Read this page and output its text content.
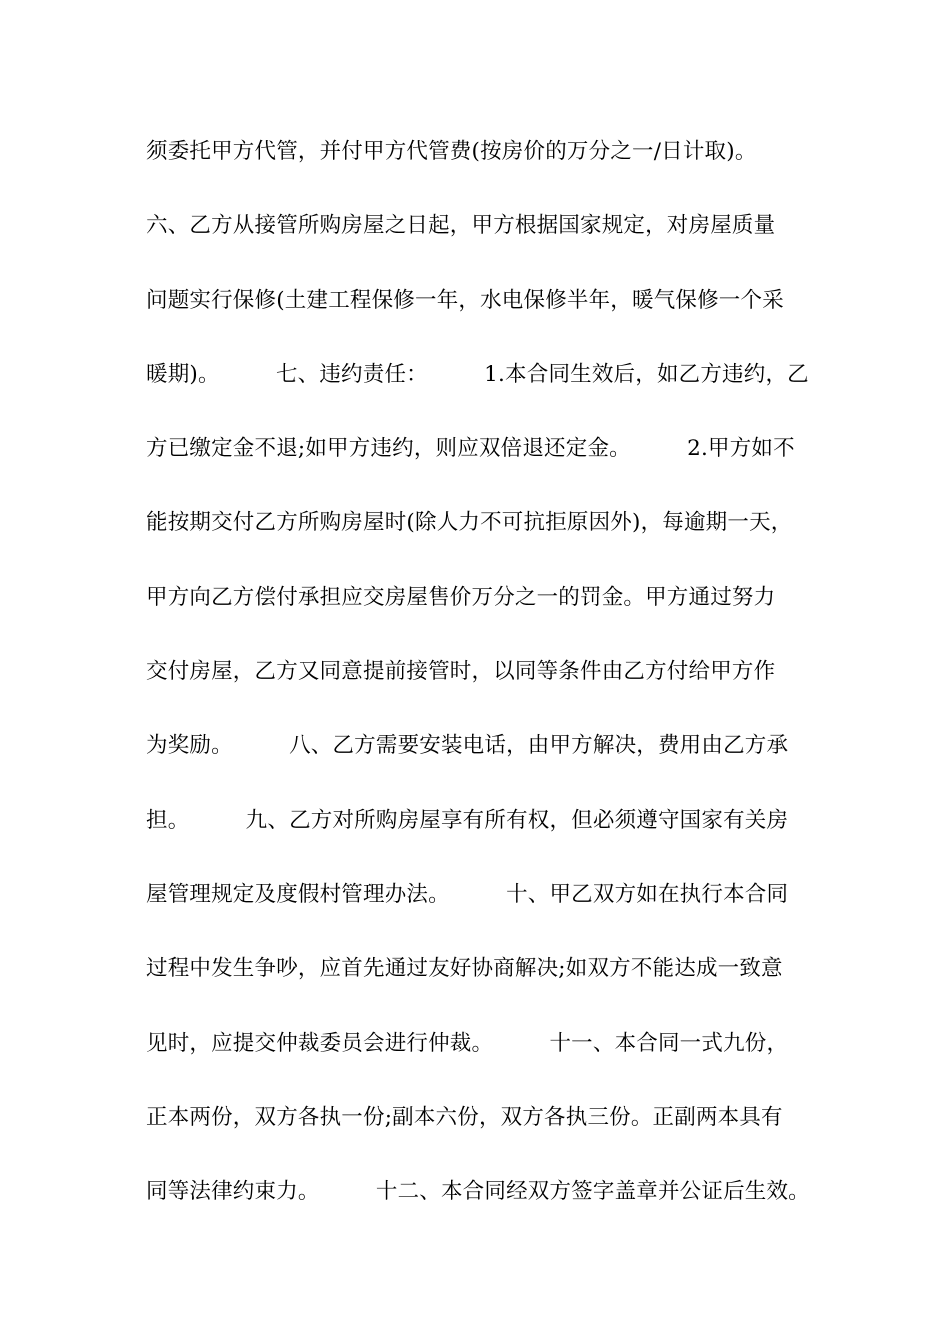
须委托甲方代管，并付甲方代管费(按房价的万分之一/日计取)。
六、乙方从接管所购房屋之日起，甲方根据国家规定，对房屋质量
问题实行保修(土建工程保修一年，水电保修半年，暖气保修一个采
暖期)。        七、违约责任：        1.本合同生效后，如乙方违约，乙
方已缴定金不退;如甲方违约，则应双倍退还定金。        2.甲方如不
能按期交付乙方所购房屋时(除人力不可抗拒原因外)，每逾期一天，
甲方向乙方偿付承担应交房屋售价万分之一的罚金。甲方通过努力
交付房屋，乙方又同意提前接管时，以同等条件由乙方付给甲方作
为奖励。        八、乙方需要安装电话，由甲方解决，费用由乙方承
担。        九、乙方对所购房屋享有所有权，但必须遵守国家有关房
屋管理规定及度假村管理办法。        十、甲乙双方如在执行本合同
过程中发生争吵，应首先通过友好协商解决;如双方不能达成一致意
见时，应提交仲裁委员会进行仲裁。        十一、本合同一式九份，
正本两份，双方各执一份;副本六份，双方各执三份。正副两本具有
同等法律约束力。        十二、本合同经双方签字盖章并公证后生效。
